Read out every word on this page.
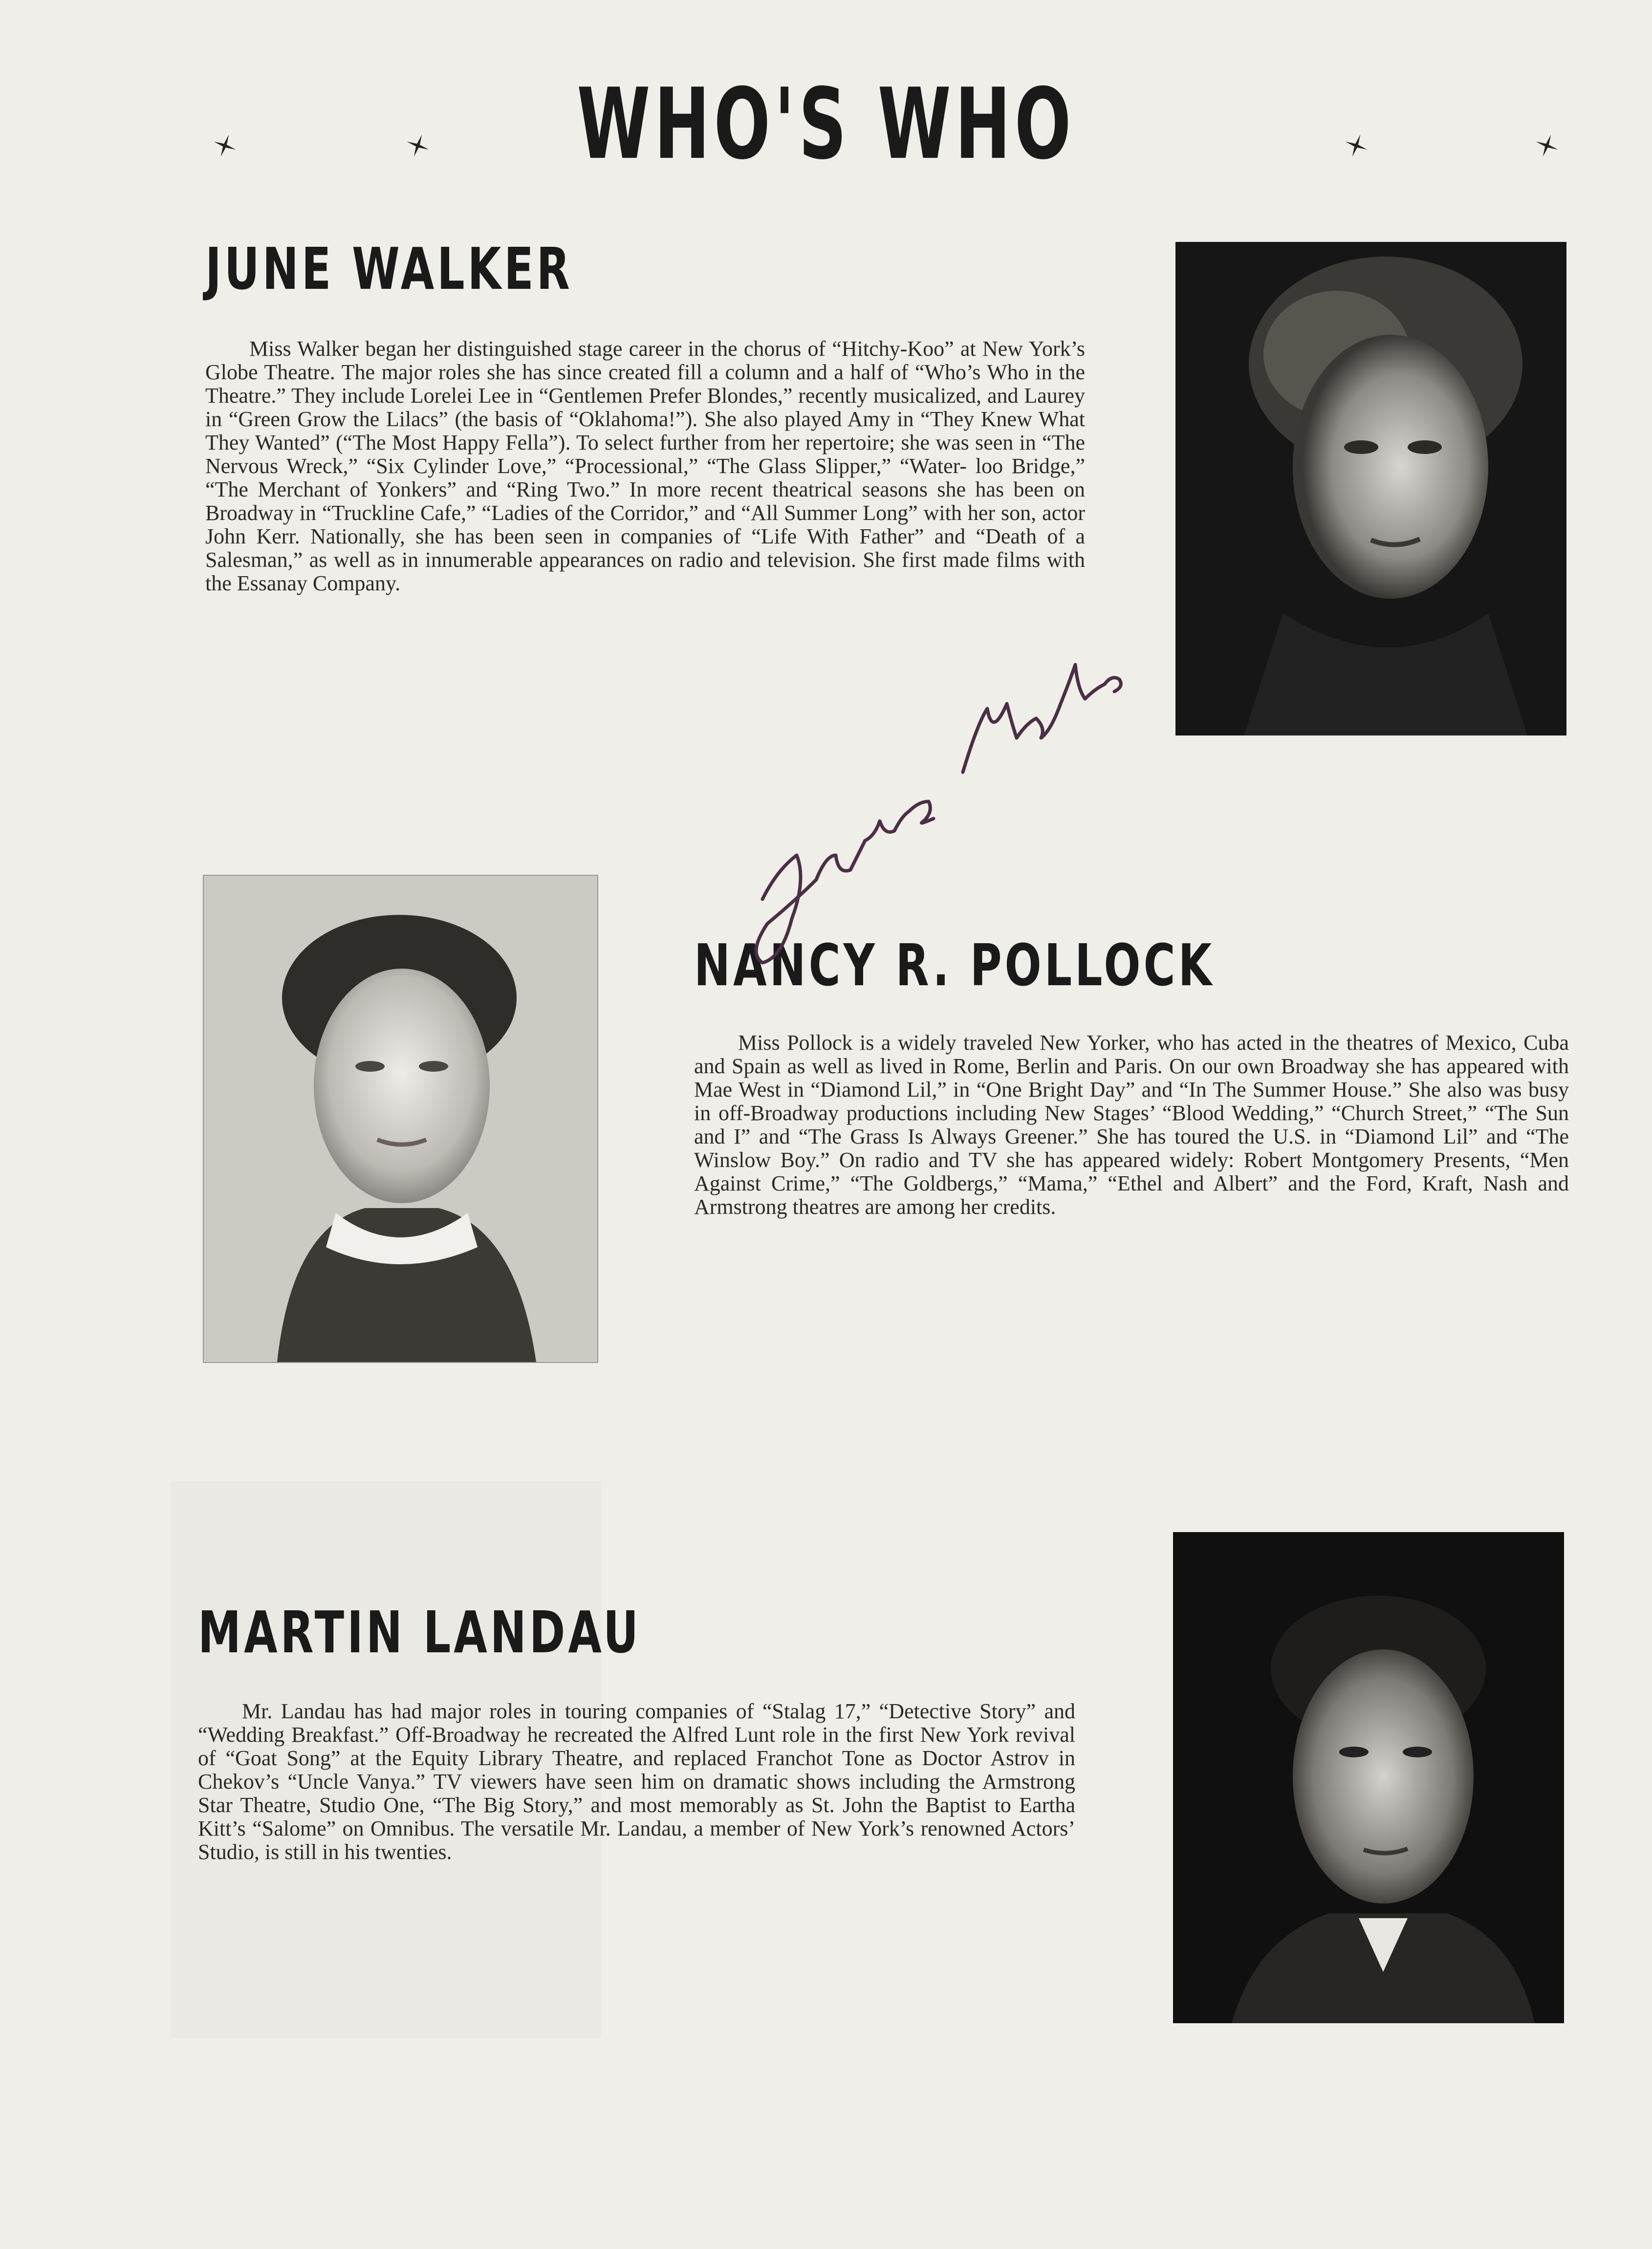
WHO'S WHO
JUNE WALKER
Miss Walker began her distinguished stage career in the chorus of “Hitchy-Koo” at New York’s Globe Theatre. The major roles she has since created fill a column and a half of “Who’s Who in the Theatre.” They include Lorelei Lee in “Gentlemen Prefer Blondes,” recently musicalized, and Laurey in “Green Grow the Lilacs” (the basis of “Oklahoma!”). She also played Amy in “They Knew What They Wanted” (“The Most Happy Fella”). To select further from her repertoire; she was seen in “The Nervous Wreck,” “Six Cylinder Love,” “Processional,” “The Glass Slipper,” “Water- loo Bridge,” “The Merchant of Yonkers” and “Ring Two.” In more recent theatrical seasons she has been on Broadway in “Truckline Cafe,” “Ladies of the Corridor,” and “All Summer Long” with her son, actor John Kerr. Nationally, she has been seen in companies of “Life With Father” and “Death of a Salesman,” as well as in innumerable appearances on radio and television. She first made films with the Essanay Company.
NANCY R. POLLOCK
Miss Pollock is a widely traveled New Yorker, who has acted in the theatres of Mexico, Cuba and Spain as well as lived in Rome, Berlin and Paris. On our own Broadway she has appeared with Mae West in “Diamond Lil,” in “One Bright Day” and “In The Summer House.” She also was busy in off-Broadway productions including New Stages’ “Blood Wedding,” “Church Street,” “The Sun and I” and “The Grass Is Always Greener.” She has toured the U.S. in “Diamond Lil” and “The Winslow Boy.” On radio and TV she has appeared widely: Robert Montgomery Presents, “Men Against Crime,” “The Goldbergs,” “Mama,” “Ethel and Albert” and the Ford, Kraft, Nash and Armstrong theatres are among her credits.
MARTIN LANDAU
Mr. Landau has had major roles in touring companies of “Stalag 17,” “Detective Story” and “Wedding Breakfast.” Off-Broadway he recreated the Alfred Lunt role in the first New York revival of “Goat Song” at the Equity Library Theatre, and replaced Franchot Tone as Doctor Astrov in Chekov’s “Uncle Vanya.” TV viewers have seen him on dramatic shows including the Armstrong Star Theatre, Studio One, “The Big Story,” and most memorably as St. John the Baptist to Eartha Kitt’s “Salome” on Omnibus. The versatile Mr. Landau, a member of New York’s renowned Actors’ Studio, is still in his twenties.
